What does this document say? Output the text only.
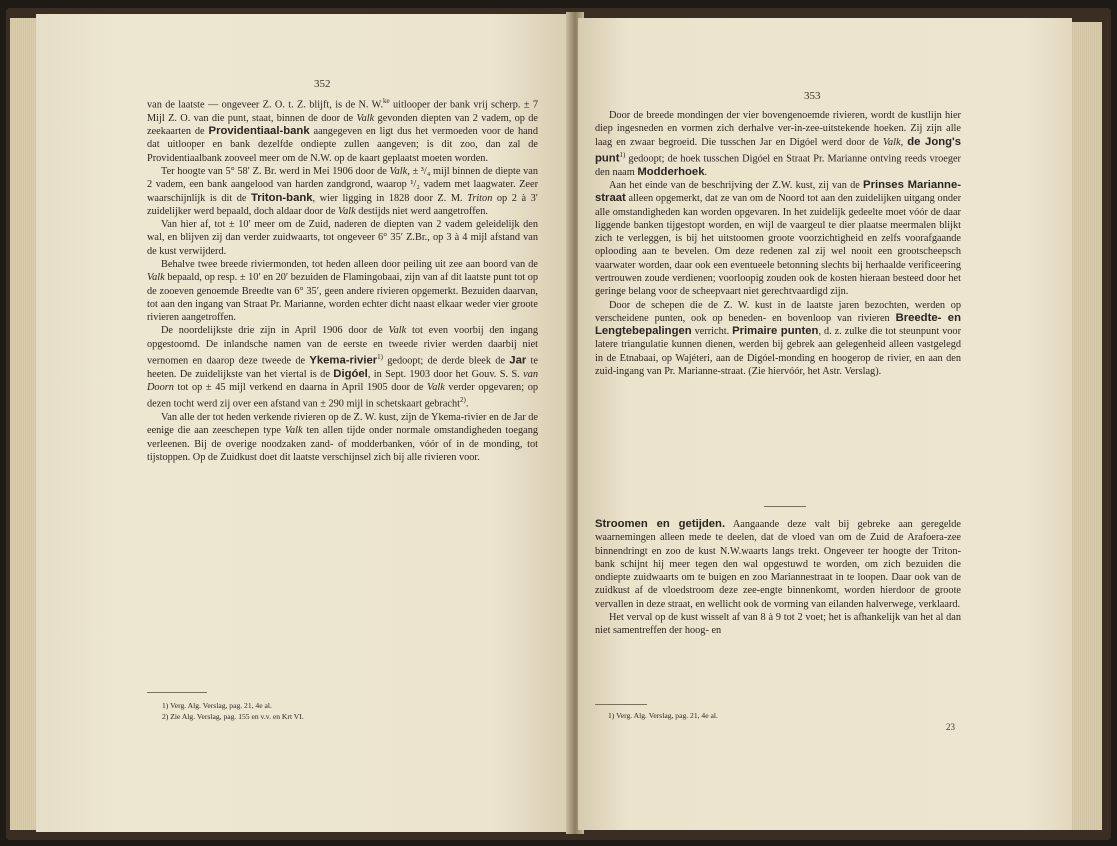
352

van de laatste — ongeveer Z. O. t. Z. blijft, is de N. W.$^{ke}$ uitlooper der bank vrij scherp. ± 7 Mijl Z. O. van die punt, staat, binnen de door de Valk gevonden diepten van 2 vadem, op de zeekaarten de Providentiaal-bank aangegeven en ligt dus het vermoeden voor de hand dat uitlooper en bank dezelfde ondiepte zullen aangeven; is dit zoo, dan zal de Providentiaalbank zooveel meer om de N.W. op de kaart geplaatst moeten worden.

Ter hoogte van 5° 58′ Z. Br. werd in Mei 1906 door de Valk, ± ³/₄ mijl binnen de diepte van 2 vadem, een bank aangelood van harden zandgrond, waarop ¹/₂ vadem met laagwater. Zeer waarschijnlijk is dit de Triton-bank, wier ligging in 1828 door Z. M. Triton op 2 à 3′ zuidelijker werd bepaald, doch aldaar door de Valk destijds niet werd aangetroffen.

Van hier af, tot ± 10′ meer om de Zuid, naderen de diepten van 2 vadem geleidelijk den wal, en blijven zij dan verder zuidwaarts, tot ongeveer 6° 35′ Z.Br., op 3 à 4 mijl afstand van de kust verwijderd.

Behalve twee breede riviermonden, tot heden alleen door peiling uit zee aan boord van de Valk bepaald, op resp. ± 10′ en 20′ bezuiden de Flamingobaai, zijn van af dit laatste punt tot op de zooeven genoemde Breedte van 6° 35′, geen andere rivieren opgemerkt. Bezuiden daarvan, tot aan den ingang van Straat Pr. Marianne, worden echter dicht naast elkaar weder vier groote rivieren aangetroffen.

De noordelijkste drie zijn in April 1906 door de Valk tot even voorbij den ingang opgestoomd. De inlandsche namen van de eerste en tweede rivier werden daarbij niet vernomen en daarop deze tweede de Ykema-rivier$^{1)}$ gedoopt; de derde bleek de Jar te heeten. De zuidelijkste van het viertal is de Digóel, in Sept. 1903 door het Gouv. S. S. van Doorn tot op ± 45 mijl verkend en daarna in April 1905 door de Valk verder opgevaren; op dezen tocht werd zij over een afstand van ± 290 mijl in schetskaart gebracht$^{2)}$.

Van alle der tot heden verkende rivieren op de Z. W. kust, zijn de Ykema-rivier en de Jar de eenige die aan zeeschepen type Valk ten allen tijde onder normale omstandigheden toegang verleenen. Bij de overige noodzaken zand- of modderbanken, vóór of in de monding, tot tijstoppen. Op de Zuidkust doet dit laatste verschijnsel zich bij alle rivieren voor.

1) Verg. Alg. Verslag, pag. 21, 4e al.
2) Zie Alg. Verslag, pag. 155 en v.v. en Krt VI.
353

Door de breede mondingen der vier bovengenoemde rivieren, wordt de kustlijn hier diep ingesneden en vormen zich derhalve ver-in-zee-uitstekende hoeken. Zij zijn alle laag en zwaar begroeid. Die tusschen Jar en Digóel werd door de Valk, de Jong's punt$^{1)}$ gedoopt; de hoek tusschen Digóel en Straat Pr. Marianne ontving reeds vroeger den naam Modderhoek.

Aan het einde van de beschrijving der Z.W. kust, zij van de Prinses Marianne-straat alleen opgemerkt, dat ze van om de Noord tot aan den zuidelijken uitgang onder alle omstandigheden kan worden opgevaren. In het zuidelijk gedeelte moet vóór de daar liggende banken tijgestopt worden, en wijl de vaargeul te dier plaatse meermalen blijkt zich te verleggen, is bij het uitstoomen groote voorzichtigheid en zelfs voorafgaande oplooding aan te bevelen. Om deze redenen zal zij wel nooit een grootscheepsch vaarwater worden, daar ook een eventueele betonning slechts bij herhaalde verificeering vertrouwen zoude verdienen; voorloopig zouden ook de kosten hieraan besteed door het geringe belang voor de scheepvaart niet gerechtvaardigd zijn.

Door de schepen die de Z. W. kust in de laatste jaren bezochten, werden op verscheidene punten, ook op beneden- en bovenloop van rivieren Breedte- en Lengtebepalingen verricht. Primaire punten, d. z. zulke die tot steunpunt voor latere triangulatie kunnen dienen, werden bij gebrek aan gelegenheid alleen vastgelegd in de Etnabaai, op Wajéteri, aan de Digóel-monding en hoogerop de rivier, en aan den zuid-ingang van Pr. Marianne-straat. (Zie hiervóór, het Astr. Verslag).

Stroomen en getijden. Aangaande deze valt bij gebreke aan geregelde waarnemingen alleen mede te deelen, dat de vloed van om de Zuid de Arafoera-zee binnendringt en zoo de kust N.W.waarts langs trekt. Ongeveer ter hoogte der Triton-bank schijnt hij meer tegen den wal opgestuwd te worden, om zich bezuiden die ondiepte zuidwaarts om te buigen en zoo Mariannestraat in te loopen. Daar ook van de zuidkust af de vloedstroom deze zee-engte binnenkomt, worden hierdoor de groote vervallen in deze straat, en wellicht ook de vorming van eilanden halverwege, verklaard.

Het verval op de kust wisselt af van 8 à 9 tot 2 voet; het is afhankelijk van het al dan niet samentreffen der hoog- en

1) Verg. Alg. Verslag, pag. 21, 4e al.
23
